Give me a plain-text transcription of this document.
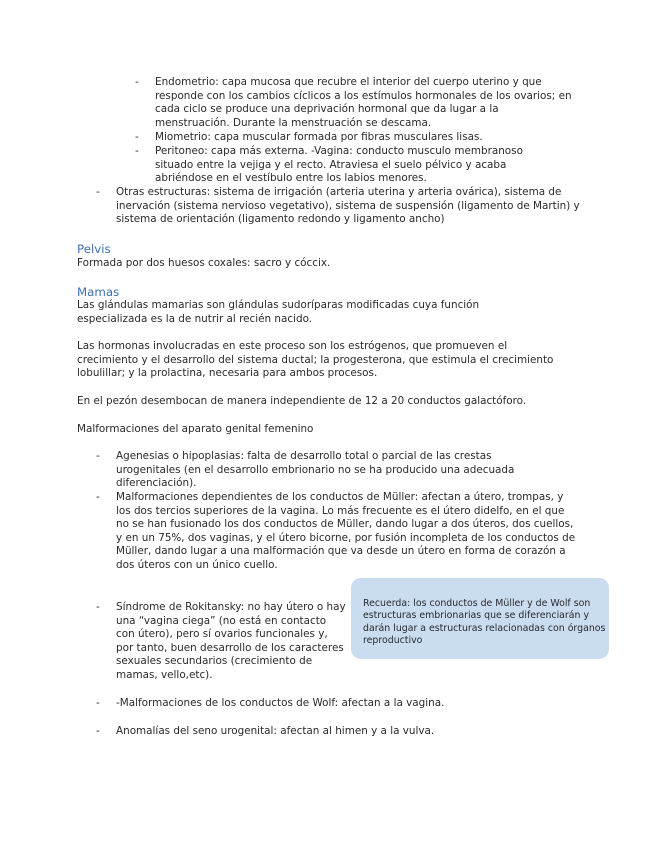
- Endometrio: capa mucosa que recubre el interior del cuerpo uterino y que responde con los cambios cíclicos a los estímulos hormonales de los ovarios; en cada ciclo se produce una deprivación hormonal que da lugar a la menstruación. Durante la menstruación se descama.
- Miometrio: capa muscular formada por fibras musculares lisas.
- Peritoneo: capa más externa. -Vagina: conducto musculo membranoso situado entre la vejiga y el recto. Atraviesa el suelo pélvico y acaba abriéndose en el vestíbulo entre los labios menores.
- Otras estructuras: sistema de irrigación (arteria uterina y arteria ovárica), sistema de inervación (sistema nervioso vegetativo), sistema de suspensión (ligamento de Martin) y sistema de orientación (ligamento redondo y ligamento ancho)
Pelvis
Formada por dos huesos coxales: sacro y cóccix.
Mamas
Las glándulas mamarias son glándulas sudoríparas modificadas cuya función especializada es la de nutrir al recién nacido.
Las hormonas involucradas en este proceso son los estrógenos, que promueven el crecimiento y el desarrollo del sistema ductal; la progesterona, que estimula el crecimiento lobulillar; y la prolactina, necesaria para ambos procesos.
En el pezón desembocan de manera independiente de 12 a 20 conductos galactóforo.
Malformaciones del aparato genital femenino
- Agenesias o hipoplasias: falta de desarrollo total o parcial de las crestas urogenitales (en el desarrollo embrionario no se ha producido una adecuada diferenciación).
- Malformaciones dependientes de los conductos de Müller: afectan a útero, trompas, y los dos tercios superiores de la vagina. Lo más frecuente es el útero didelfo, en el que no se han fusionado los dos conductos de Müller, dando lugar a dos úteros, dos cuellos, y en un 75%, dos vaginas, y el útero bicorne, por fusión incompleta de los conductos de Müller, dando lugar a una malformación que va desde un útero en forma de corazón a dos úteros con un único cuello.
- Síndrome de Rokitansky: no hay útero o hay una “vagina ciega” (no está en contacto con útero), pero sí ovarios funcionales y, por tanto, buen desarrollo de los caracteres sexuales secundarios (crecimiento de mamas, vello,etc).
- -Malformaciones de los conductos de Wolf: afectan a la vagina.
- Anomalías del seno urogenital: afectan al himen y a la vulva.
Recuerda: los conductos de Müller y de Wolf son estructuras embrionarias que se diferenciarán y darán lugar a estructuras relacionadas con órganos reproductivo
